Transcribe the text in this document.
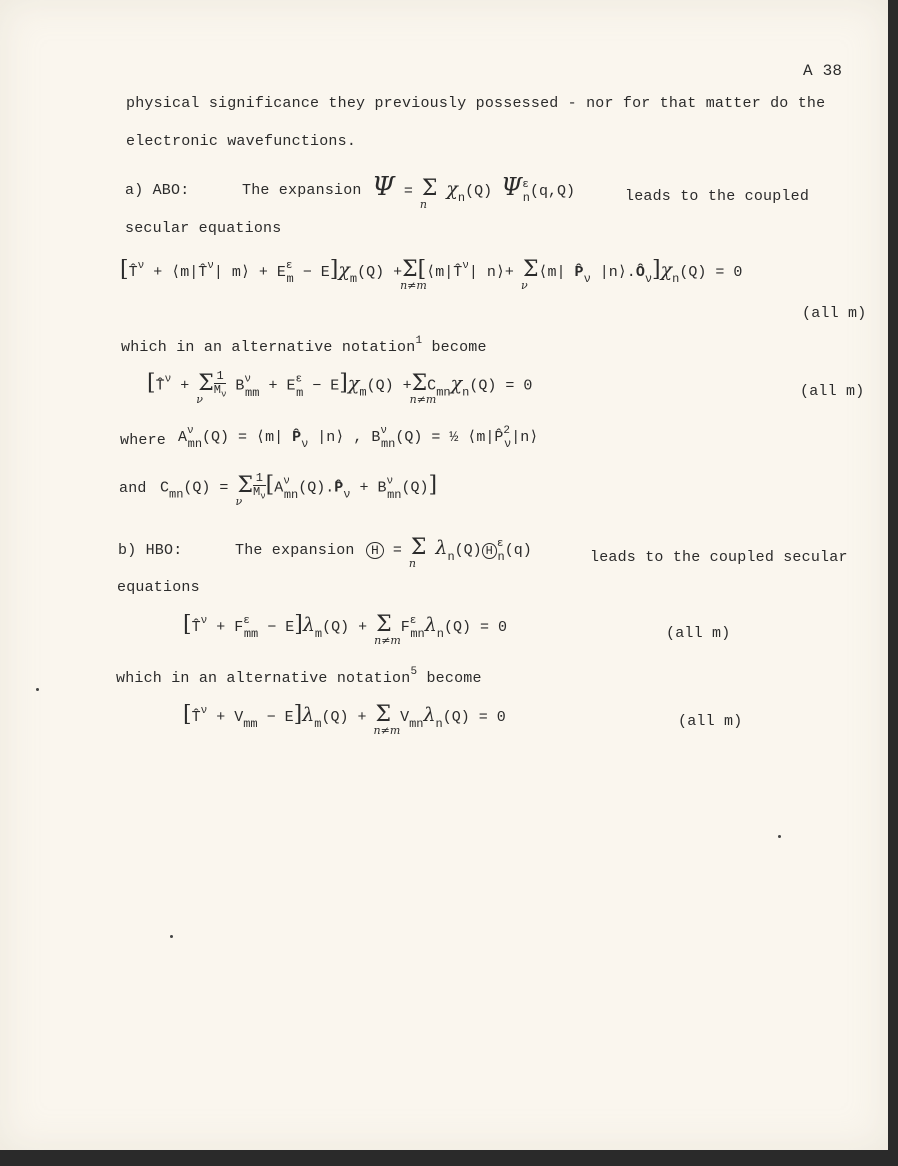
A 38
physical significance they previously possessed - nor for that matter do the
electronic wavefunctions.
a) ABO:	The expansion Ψ = Σ
n
$\chi_n(Q)$ $\Psi^\varepsilon_n(q,Q)$	leads to the coupled
secular equations
[T̂$^\nu$ + ⟨m|T̂$^\nu$| m⟩ + $E^\varepsilon_m - E]\chi_m(Q) +\Sigma$
n≠m
[⟨m|T̂$^\nu$| n⟩+ Σ
ν
⟨m| $P̂_\nu$ $|n⟩.Ô_\nu]\chi_n(Q) = 0$
(all m)
which in an alternative notation$^1$ become
[T̂$^\nu$ + Σ
ν $\frac{1}{M_\nu} B^\nu_{mm} + E^\varepsilon_m - E]\chi_m(Q) +\Sigma$
n≠m
$C_{mn}\chi_n(Q) = 0$	(all m)
where $A^\nu_{mn}(Q)$ = ⟨m| $P̂_\nu$ |n⟩ , $B^\nu_{mn}(Q)$ = ½ ⟨m|P̂$^2_\nu$|n⟩
and $C_{mn}(Q) = \Sigma$
ν $\frac{1}{M_\nu}$ $[A^\nu_{mn}(Q).P̂_\nu + B^\nu_{mn}(Q)]$
b) HBO:	The expansion	H = Σ
n
$\lambda_n(Q)$ H $^\varepsilon_n$(q)	leads to the coupled secular
equations
[T̂$^\nu$ + $F^\varepsilon_{mm} - E]\lambda_m(Q) + \Sigma$
n≠m
$F^\varepsilon_{mn}\lambda_n(Q) = 0$	(all m)
which in an alternative notation$^5$ become
[T̂$^\nu$ + $V_{mm} - E]\lambda_m(Q) + \Sigma$
n≠m
$V_{mn}\lambda_n(Q) = 0$	(all m)
